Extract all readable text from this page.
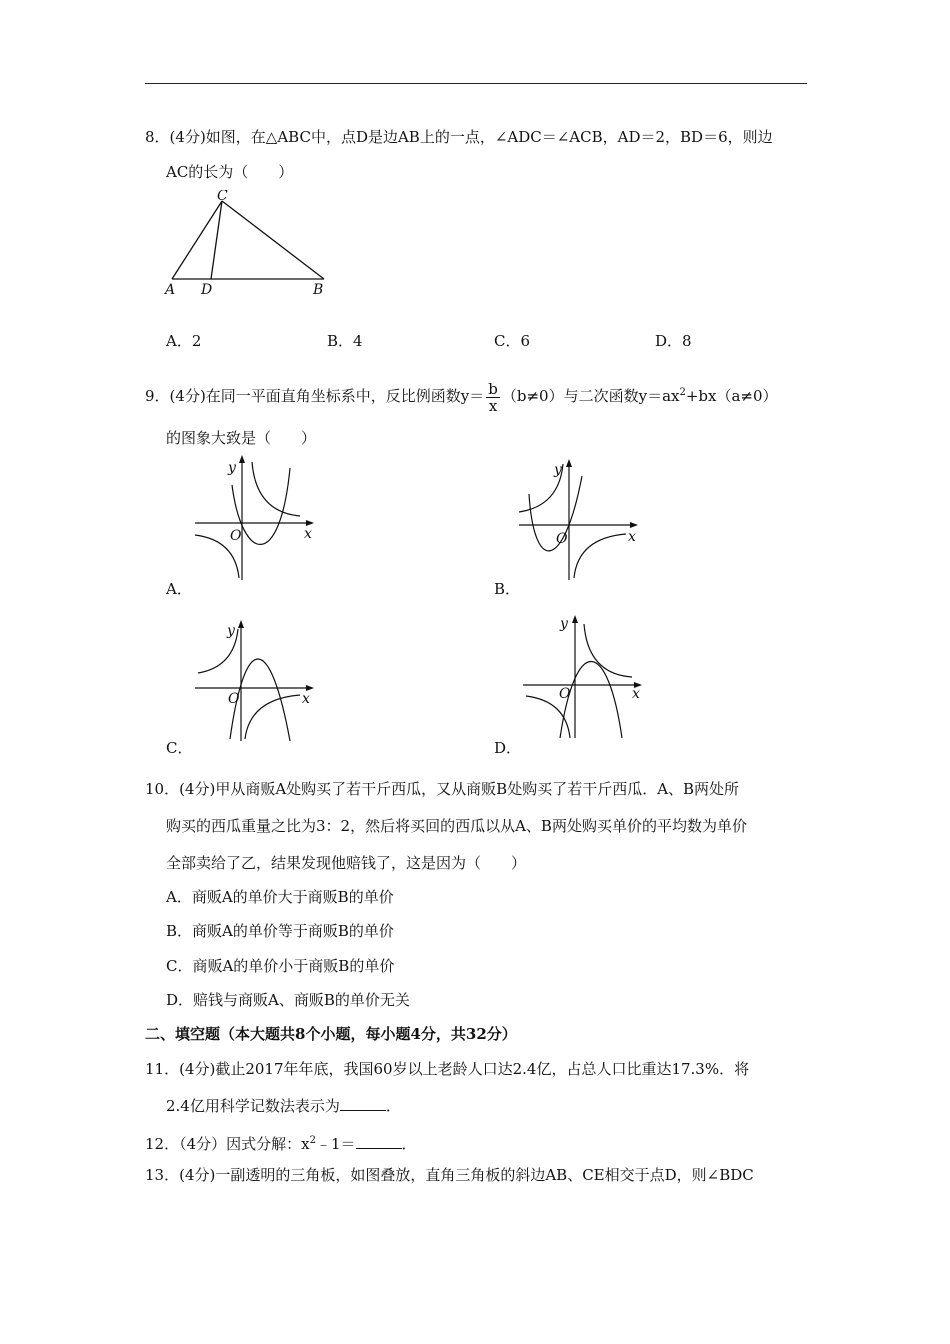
8．(4分)如图，在△ABC中，点D是边AB上的一点，∠ADC＝∠ACB，AD＝2，BD＝6，则边
AC的长为（　　）
C
A D	B
A．2	B．4	C．6	D．8
9．(4分)在同一平面直角坐标系中，反比例函数$y= \frac{b}{x} (b\ne 0)$与二次函数$y=ax^2+bx(a\ne 0)$
的图象大致是（　　）
y
x
O
A．
y
x
O
B．
y
x
O
C．
y
x
O
D．
10．(4分)甲从商贩A处购买了若干斤西瓜，又从商贩B处购买了若干斤西瓜．A、B两处所
购买的西瓜重量之比为3：2，然后将买回的西瓜以从A、B两处购买单价的平均数为单价
全部卖给了乙，结果发现他赔钱了，这是因为（　　）
A．商贩A的单价大于商贩B的单价
B．商贩A的单价等于商贩B的单价
C．商贩A的单价小于商贩B的单价
D．赔钱与商贩A、商贩B的单价无关
二、填空题（本大题共8个小题，每小题4分，共32分）
11．(4分)截止2017年年底，我国60岁以上老龄人口达2.4亿，占总人口比重达17.3%．将
2.4亿用科学记数法表示为	．
12．（4分）因式分解：$x^2﹣1=$	．
13．(4分)一副透明的三角板，如图叠放，直角三角板的斜边AB、CE相交于点D，则∠BDC
